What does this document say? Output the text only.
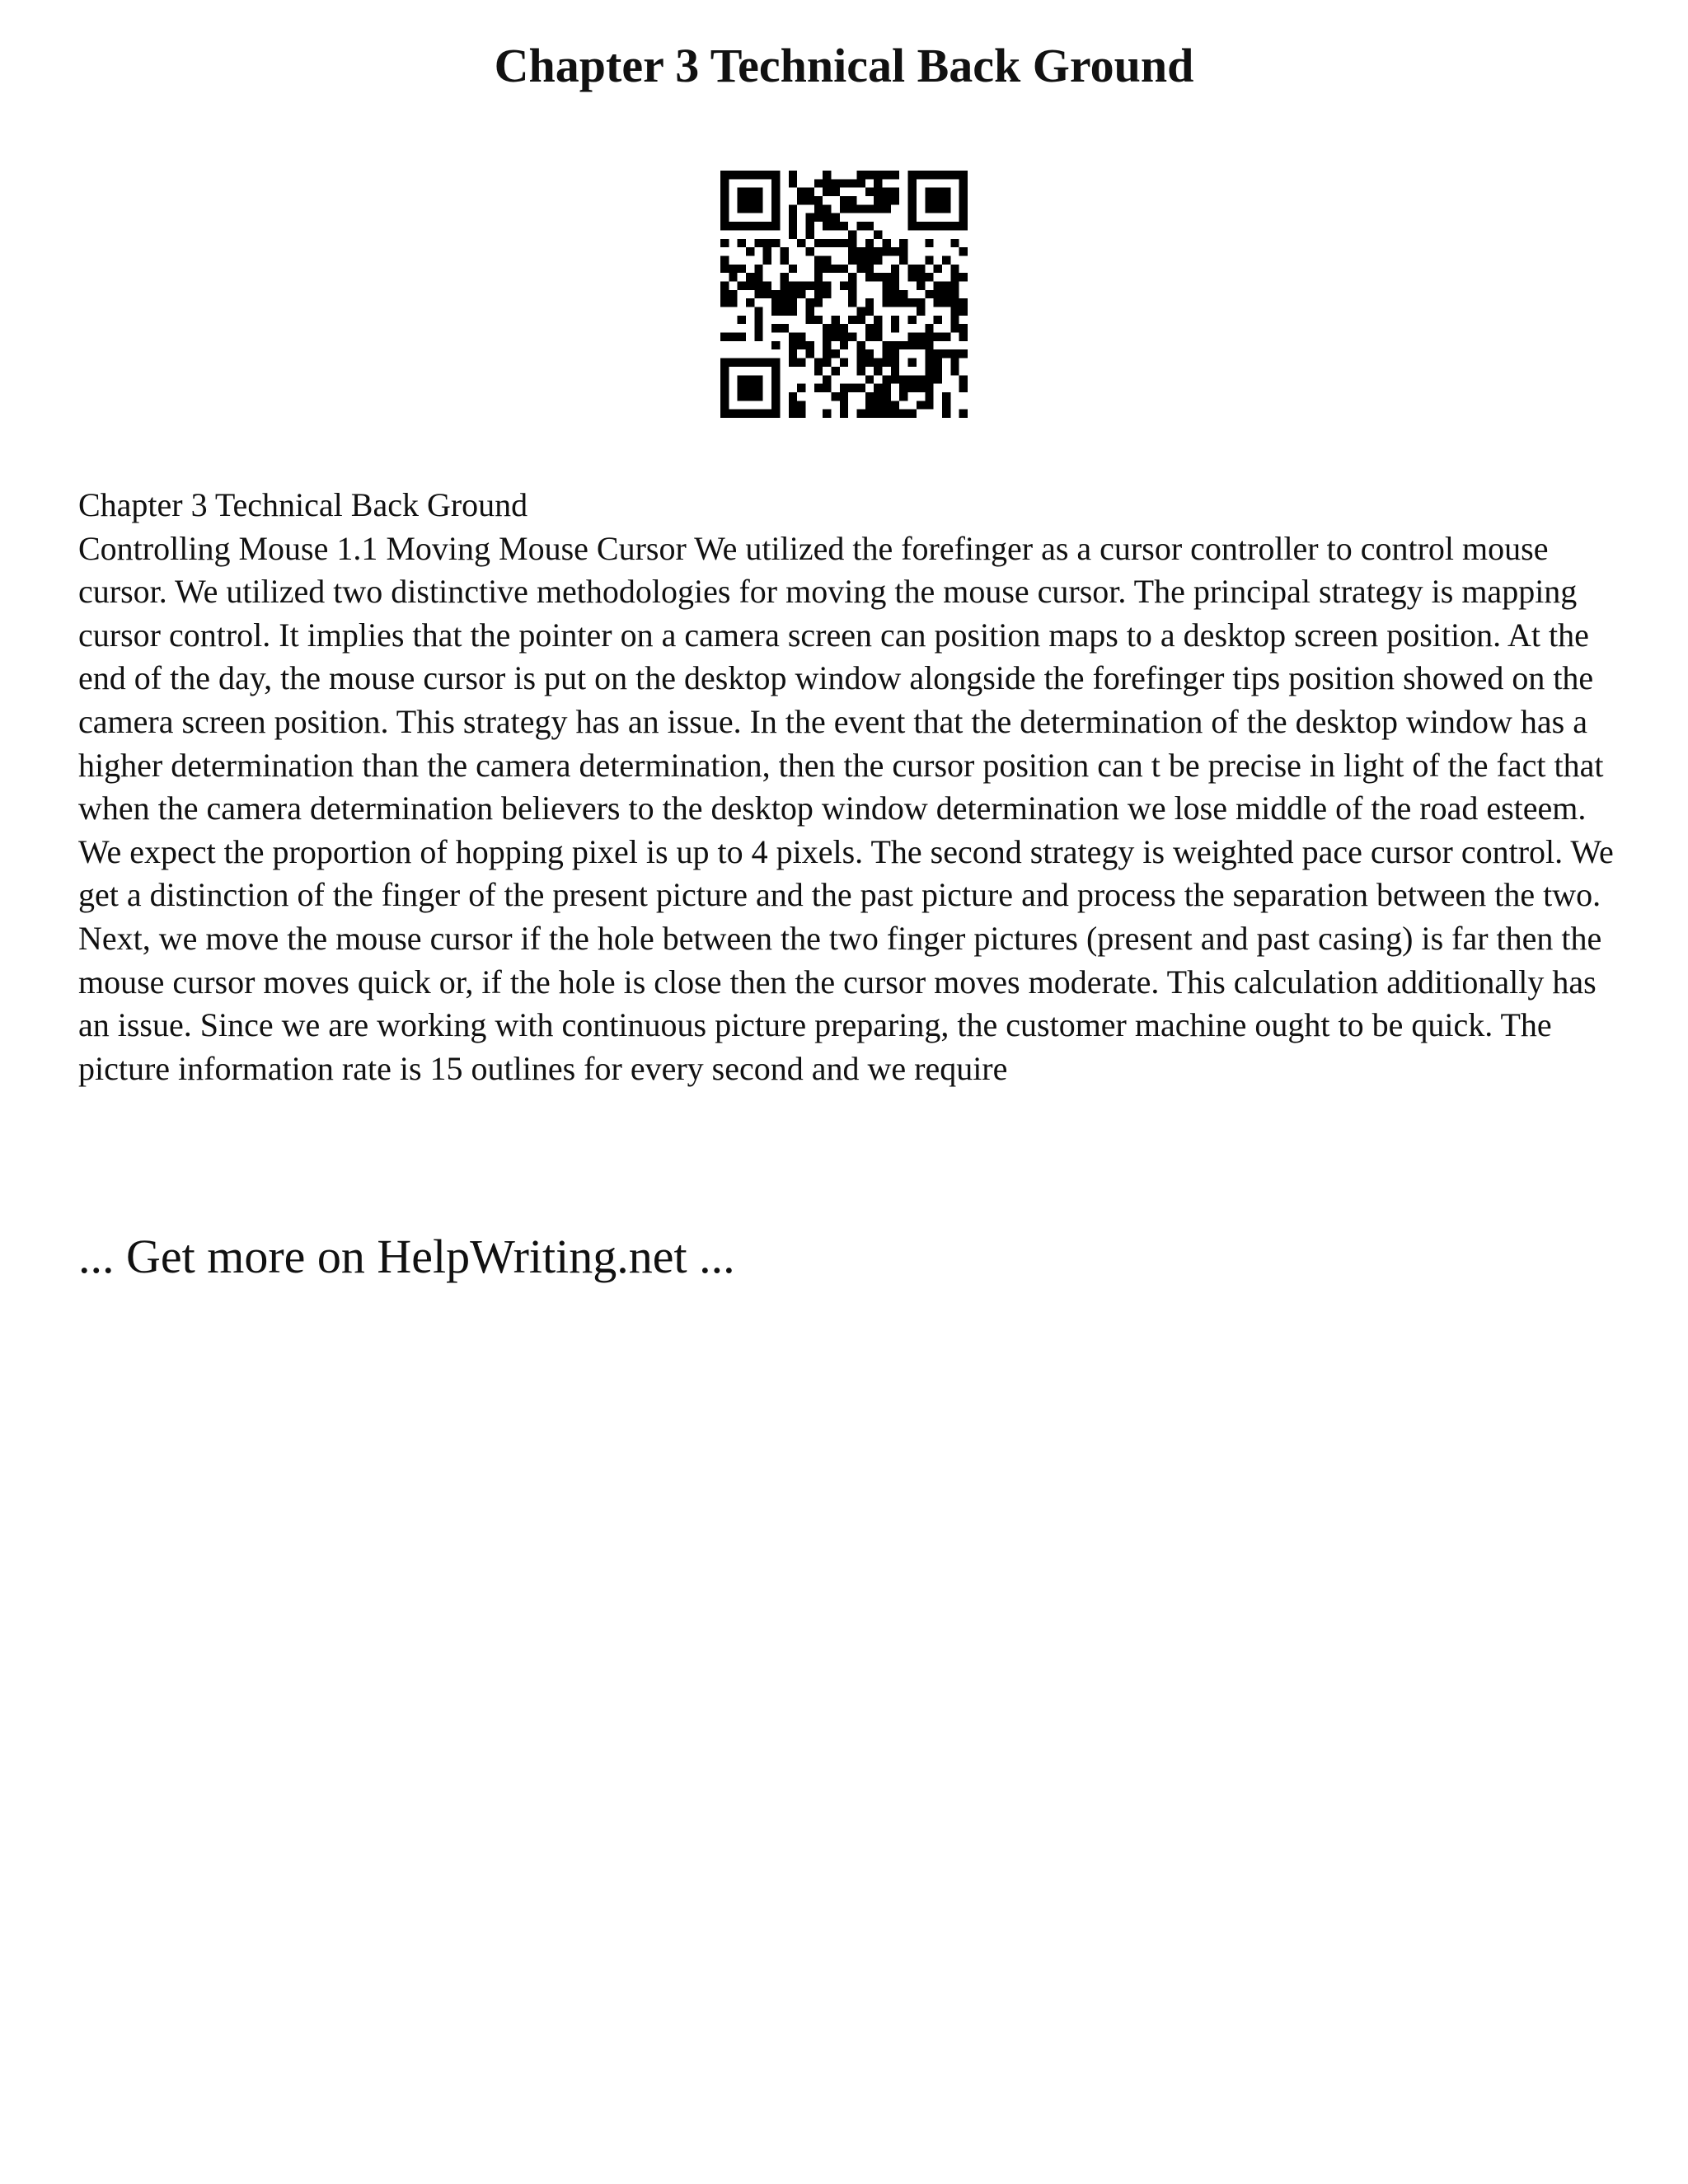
Chapter 3 Technical Back Ground
Chapter 3 Technical Back Ground

Controlling Mouse 1.1 Moving Mouse Cursor We utilized the forefinger as a cursor controller to control mouse cursor. We utilized two distinctive methodologies for moving the mouse cursor. The principal strategy is mapping cursor control. It implies that the pointer on a camera screen can position maps to a desktop screen position. At the end of the day, the mouse cursor is put on the desktop window alongside the forefinger tips position showed on the camera screen position. This strategy has an issue. In the event that the determination of the desktop window has a higher determination than the camera determination, then the cursor position can t be precise in light of the fact that when the camera determination believers to the desktop window determination we lose middle of the road esteem. We expect the proportion of hopping pixel is up to 4 pixels. The second strategy is weighted pace cursor control. We get a distinction of the finger of the present picture and the past picture and process the separation between the two. Next, we move the mouse cursor if the hole between the two finger pictures (present and past casing) is far then the mouse cursor moves quick or, if the hole is close then the cursor moves moderate. This calculation additionally has an issue. Since we are working with continuous picture preparing, the customer machine ought to be quick. The picture information rate is 15 outlines for every second and we require

... Get more on HelpWriting.net ...
